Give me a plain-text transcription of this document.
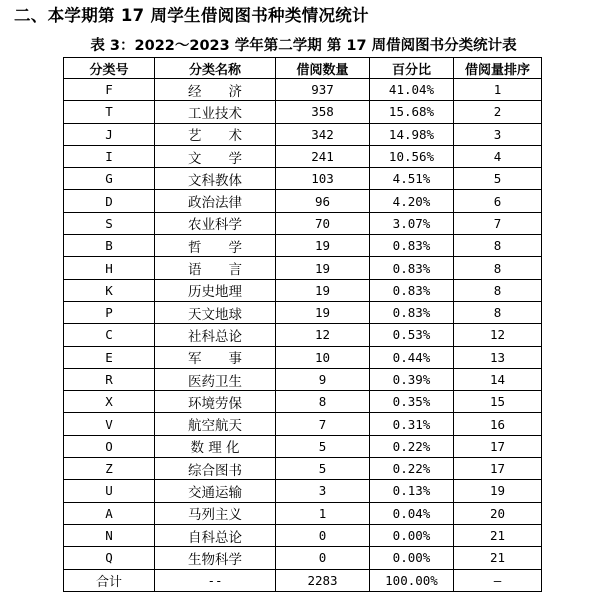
二、本学期第 17 周学生借阅图书种类情况统计
表 3：2022～2023 学年第二学期 第 17 周借阅图书分类统计表
分类号	分类名称	借阅数量	百分比	借阅量排序
F	经　　济	937	41.04%	1
T	工业技术	358	15.68%	2
J	艺　　术	342	14.98%	3
I	文　　学	241	10.56%	4
G	文科教体	103	4.51%	5
D	政治法律	96	4.20%	6
S	农业科学	70	3.07%	7
B	哲　　学	19	0.83%	8
H	语　　言	19	0.83%	8
K	历史地理	19	0.83%	8
P	天文地球	19	0.83%	8
C	社科总论	12	0.53%	12
E	军　　事	10	0.44%	13
R	医药卫生	9	0.39%	14
X	环境劳保	8	0.35%	15
V	航空航天	7	0.31%	16
O	数 理 化	5	0.22%	17
Z	综合图书	5	0.22%	17
U	交通运输	3	0.13%	19
A	马列主义	1	0.04%	20
N	自科总论	0	0.00%	21
Q	生物科学	0	0.00%	21
合计	--	2283	100.00%	—
